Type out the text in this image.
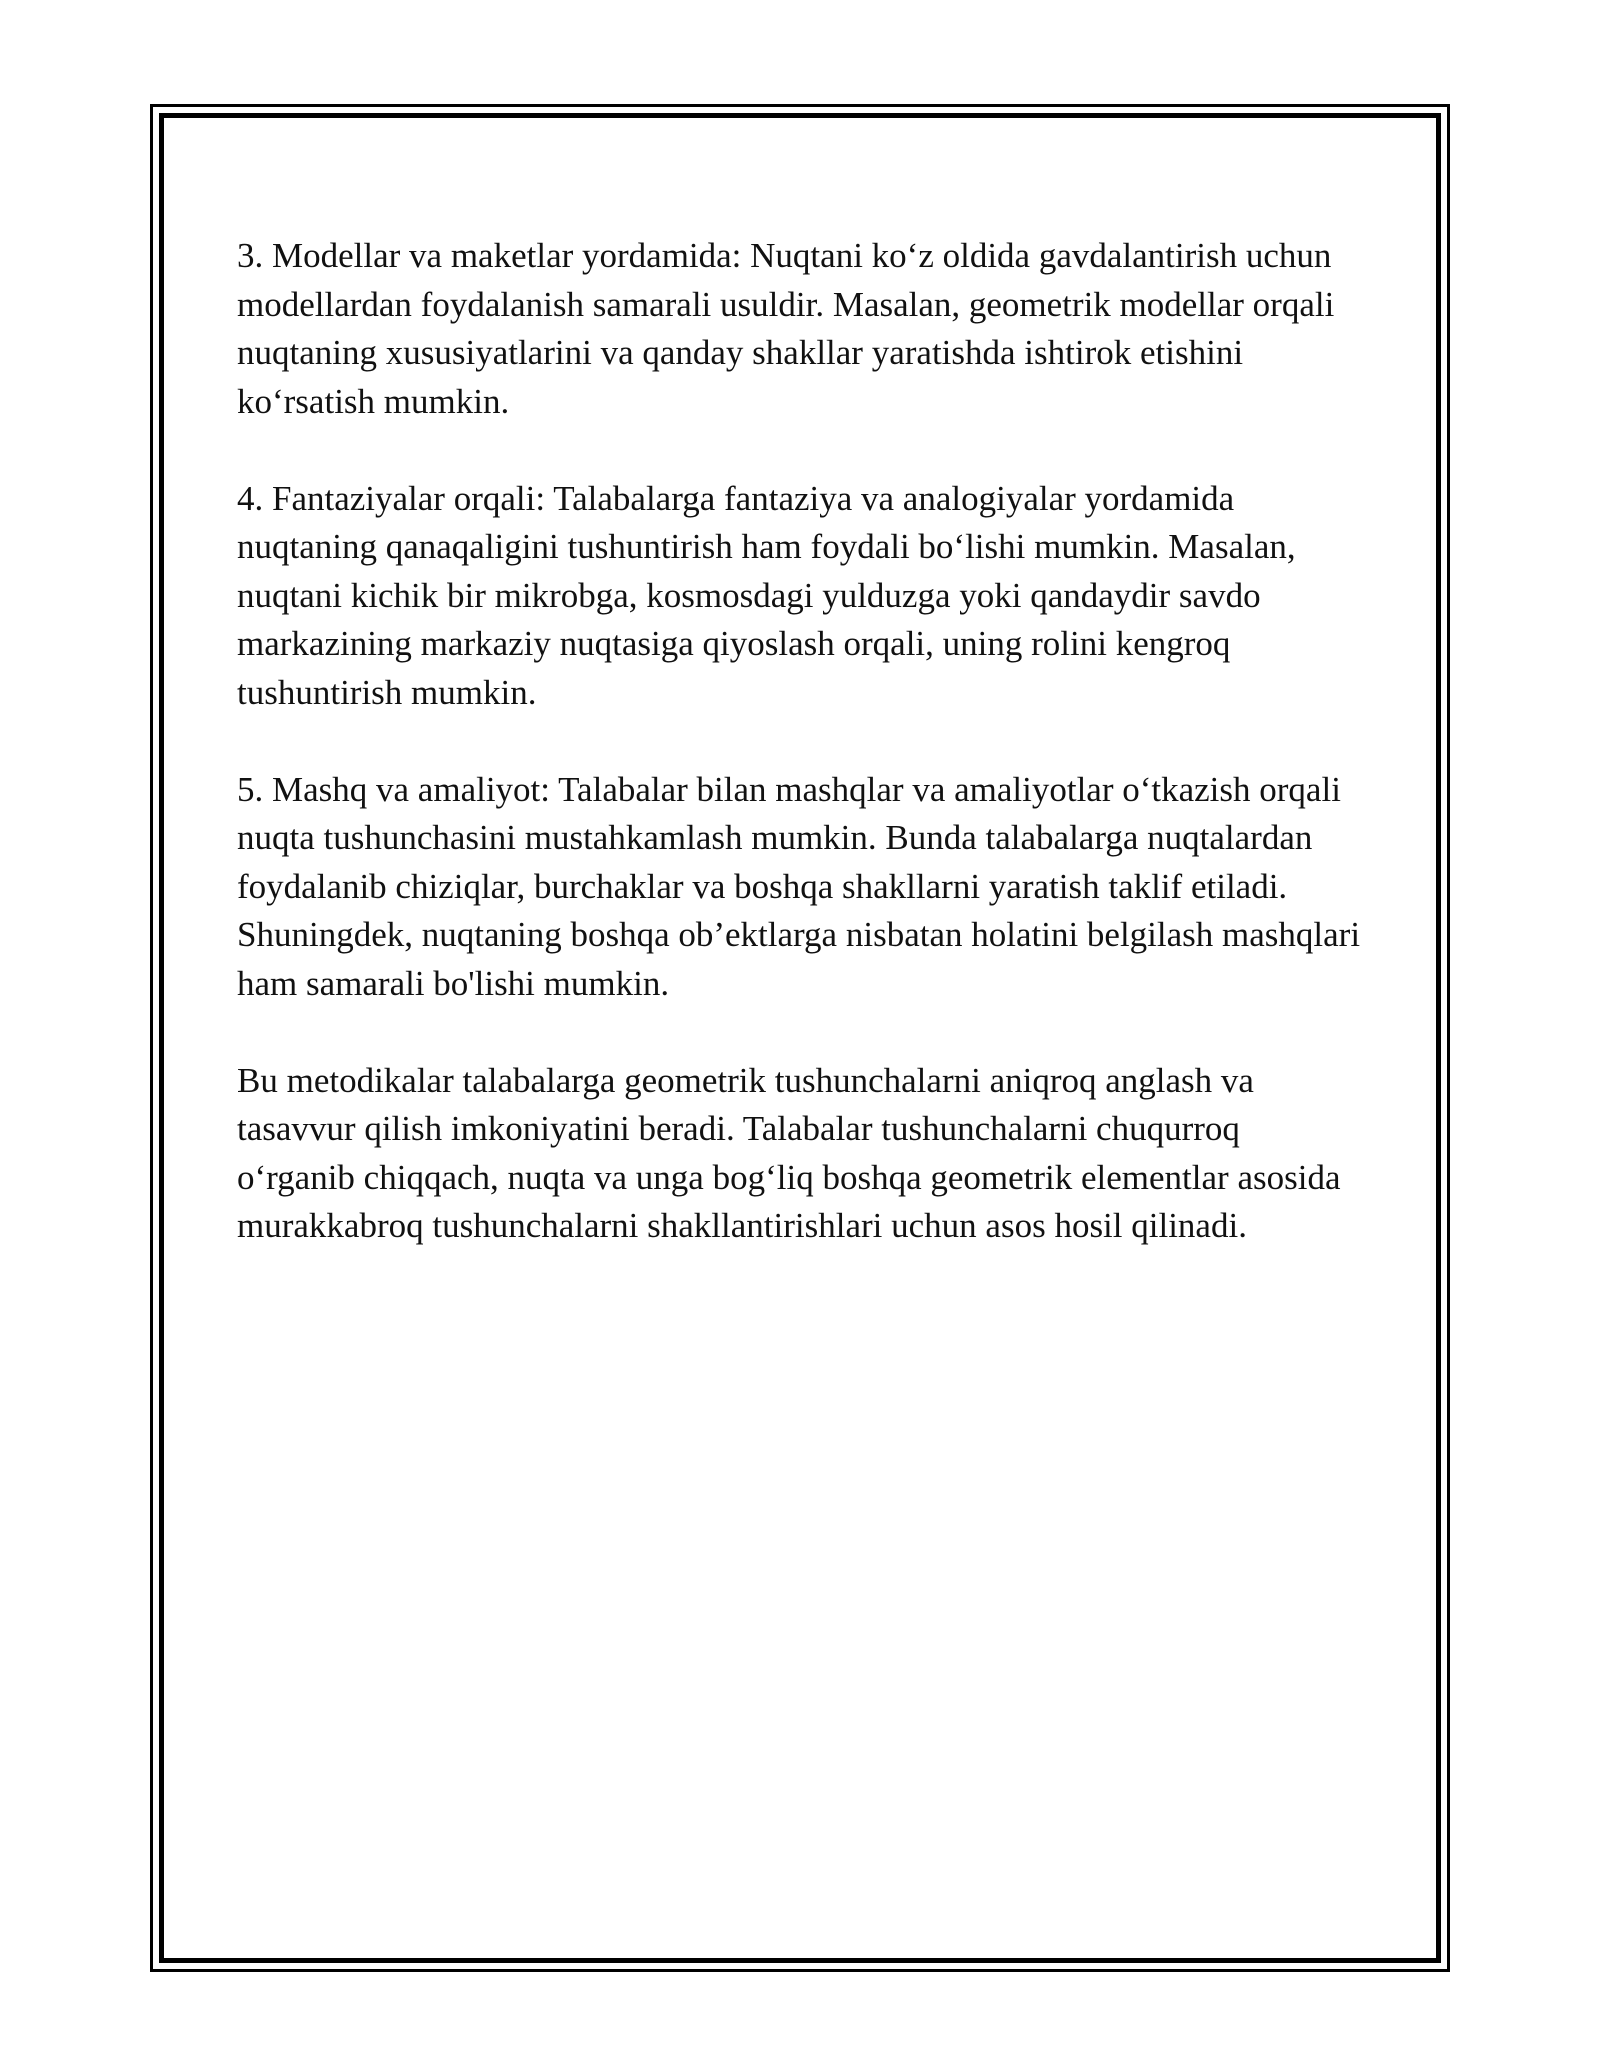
3. Modellar va maketlar yordamida: Nuqtani ko‘z oldida gavdalantirish uchun modellardan foydalanish samarali usuldir. Masalan, geometrik modellar orqali nuqtaning xususiyatlarini va qanday shakllar yaratishda ishtirok etishini ko‘rsatish mumkin.

4. Fantaziyalar orqali: Talabalarga fantaziya va analogiyalar yordamida nuqtaning qanaqaligini tushuntirish ham foydali bo‘lishi mumkin. Masalan, nuqtani kichik bir mikrobga, kosmosdagi yulduzga yoki qandaydir savdo markazining markaziy nuqtasiga qiyoslash orqali, uning rolini kengroq tushuntirish mumkin.

5. Mashq va amaliyot: Talabalar bilan mashqlar va amaliyotlar o‘tkazish orqali nuqta tushunchasini mustahkamlash mumkin. Bunda talabalarga nuqtalardan foydalanib chiziqlar, burchaklar va boshqa shakllarni yaratish taklif etiladi. Shuningdek, nuqtaning boshqa ob’ektlarga nisbatan holatini belgilash mashqlari ham samarali bo'lishi mumkin.

Bu metodikalar talabalarga geometrik tushunchalarni aniqroq anglash va tasavvur qilish imkoniyatini beradi. Talabalar tushunchalarni chuqurroq o‘rganib chiqqach, nuqta va unga bog‘liq boshqa geometrik elementlar asosida murakkabroq tushunchalarni shakllantirishlari uchun asos hosil qilinadi.
